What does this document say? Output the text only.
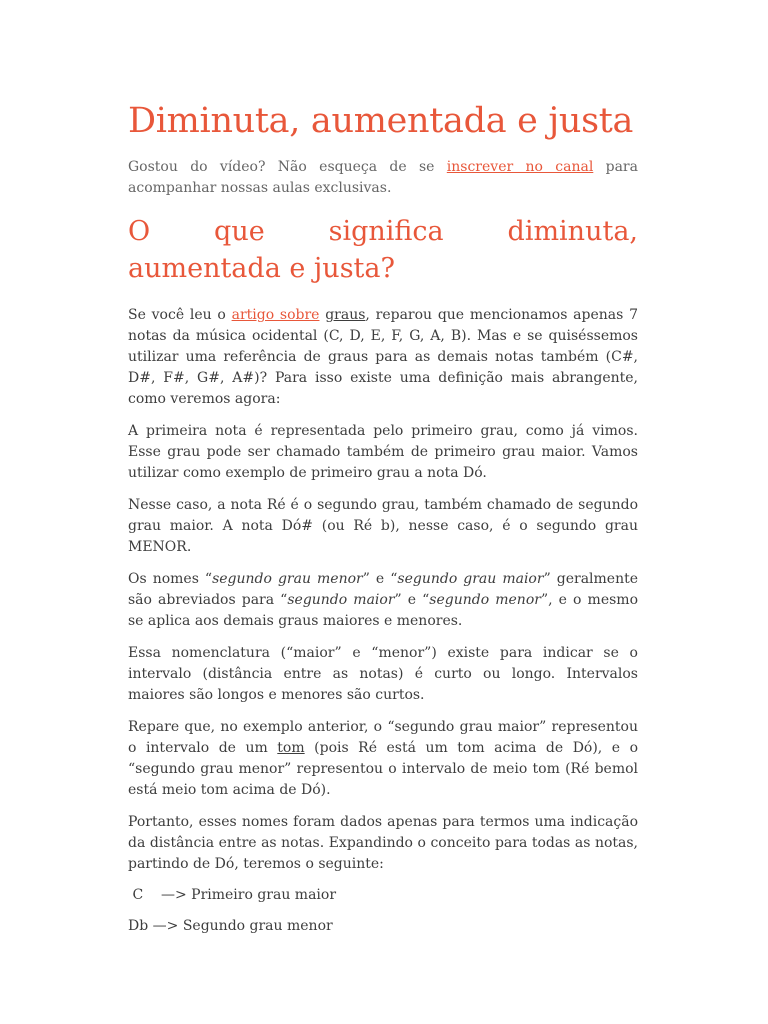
Diminuta, aumentada e justa

Gostou do vídeo? Não esqueça de se inscrever no canal para acompanhar nossas aulas exclusivas.

O que significa diminuta,
aumentada e justa?

Se você leu o artigo sobre graus, reparou que mencionamos apenas 7 notas da música ocidental (C, D, E, F, G, A, B). Mas e se quiséssemos utilizar uma referência de graus para as demais notas também (C#, D#, F#, G#, A#)? Para isso existe uma definição mais abrangente, como veremos agora:

A primeira nota é representada pelo primeiro grau, como já vimos. Esse grau pode ser chamado também de primeiro grau maior. Vamos utilizar como exemplo de primeiro grau a nota Dó.

Nesse caso, a nota Ré é o segundo grau, também chamado de segundo grau maior. A nota Dó# (ou Ré b), nesse caso, é o segundo grau MENOR.

Os nomes “segundo grau menor” e “segundo grau maior” geralmente são abreviados para “segundo maior” e “segundo menor”, e o mesmo se aplica aos demais graus maiores e menores.

Essa nomenclatura (“maior” e “menor”) existe para indicar se o intervalo (distância entre as notas) é curto ou longo. Intervalos maiores são longos e menores são curtos.

Repare que, no exemplo anterior, o “segundo grau maior” representou o intervalo de um tom (pois Ré está um tom acima de Dó), e o “segundo grau menor” representou o intervalo de meio tom (Ré bemol está meio tom acima de Dó).

Portanto, esses nomes foram dados apenas para termos uma indicação da distância entre as notas. Expandindo o conceito para todas as notas, partindo de Dó, teremos o seguinte:

C    —> Primeiro grau maior

Db —> Segundo grau menor
